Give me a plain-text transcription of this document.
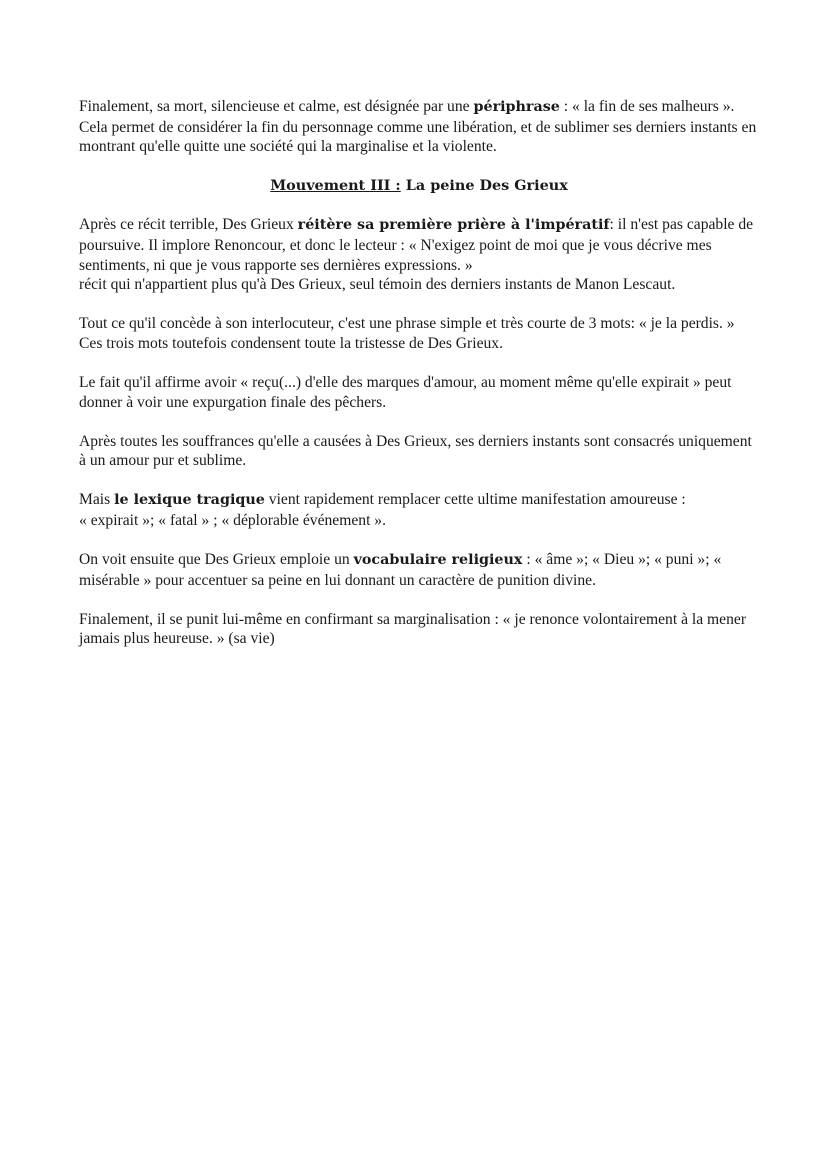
Finalement, sa mort, silencieuse et calme, est désignée par une périphrase : « la fin de ses malheurs ». Cela permet de considérer la fin du personnage comme une libération, et de sublimer ses derniers instants en montrant qu'elle quitte une société qui la marginalise et la violente.

Mouvement III : La peine Des Grieux

Après ce récit terrible, Des Grieux réitère sa première prière à l'impératif: il n'est pas capable de poursuive. Il implore Renoncour, et donc le lecteur : « N'exigez point de moi que je vous décrive mes sentiments, ni que je vous rapporte ses dernières expressions. »
récit qui n'appartient plus qu'à Des Grieux, seul témoin des derniers instants de Manon Lescaut.

Tout ce qu'il concède à son interlocuteur, c'est une phrase simple et très courte de 3 mots: « je la perdis. » Ces trois mots toutefois condensent toute la tristesse de Des Grieux.

Le fait qu'il affirme avoir « reçu(...) d'elle des marques d'amour, au moment même qu'elle expirait » peut donner à voir une expurgation finale des pêchers.

Après toutes les souffrances qu'elle a causées à Des Grieux, ses derniers instants sont consacrés uniquement à un amour pur et sublime.

Mais le lexique tragique vient rapidement remplacer cette ultime manifestation amoureuse :
« expirait »; « fatal » ; « déplorable événement ».

On voit ensuite que Des Grieux emploie un vocabulaire religieux : « âme »; « Dieu »; « puni »; « misérable » pour accentuer sa peine en lui donnant un caractère de punition divine.

Finalement, il se punit lui-même en confirmant sa marginalisation : « je renonce volontairement à la mener jamais plus heureuse. » (sa vie)
